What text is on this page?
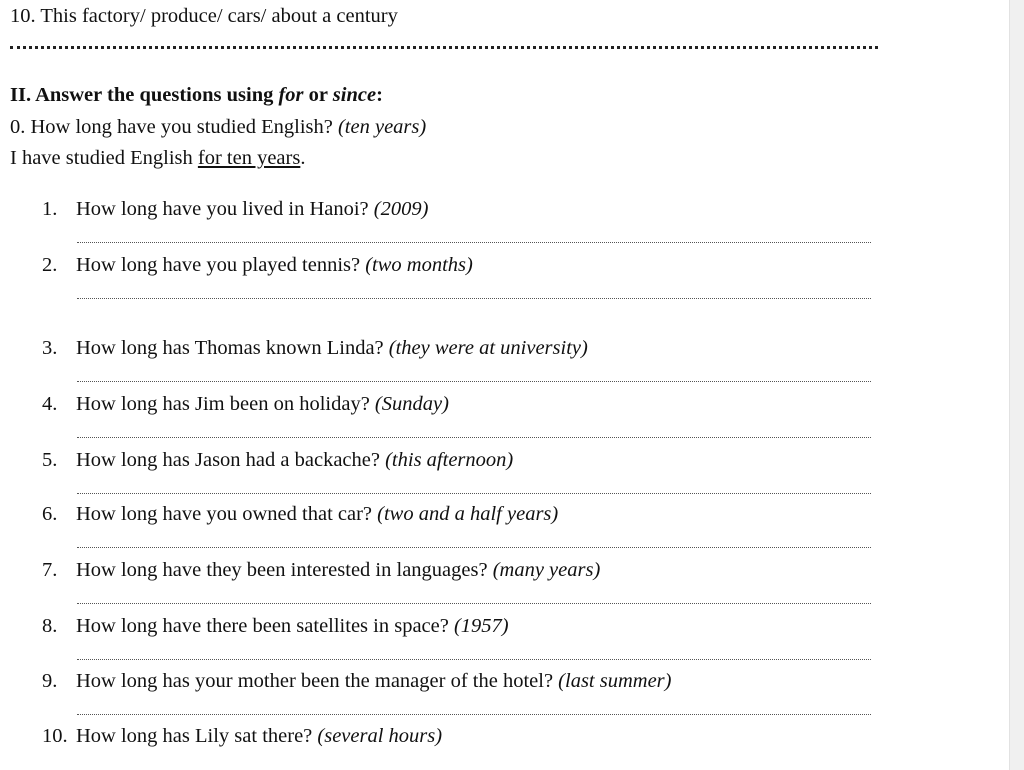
10. This factory/ produce/ cars/ about a century
II. Answer the questions using for or since:
0. How long have you studied English? (ten years)
I have studied English for ten years.
1. How long have you lived in Hanoi? (2009)
2. How long have you played tennis? (two months)
3. How long has Thomas known Linda? (they were at university)
4. How long has Jim been on holiday? (Sunday)
5. How long has Jason had a backache? (this afternoon)
6. How long have you owned that car? (two and a half years)
7. How long have they been interested in languages? (many years)
8. How long have there been satellites in space? (1957)
9. How long has your mother been the manager of the hotel? (last summer)
10. How long has Lily sat there? (several hours)
